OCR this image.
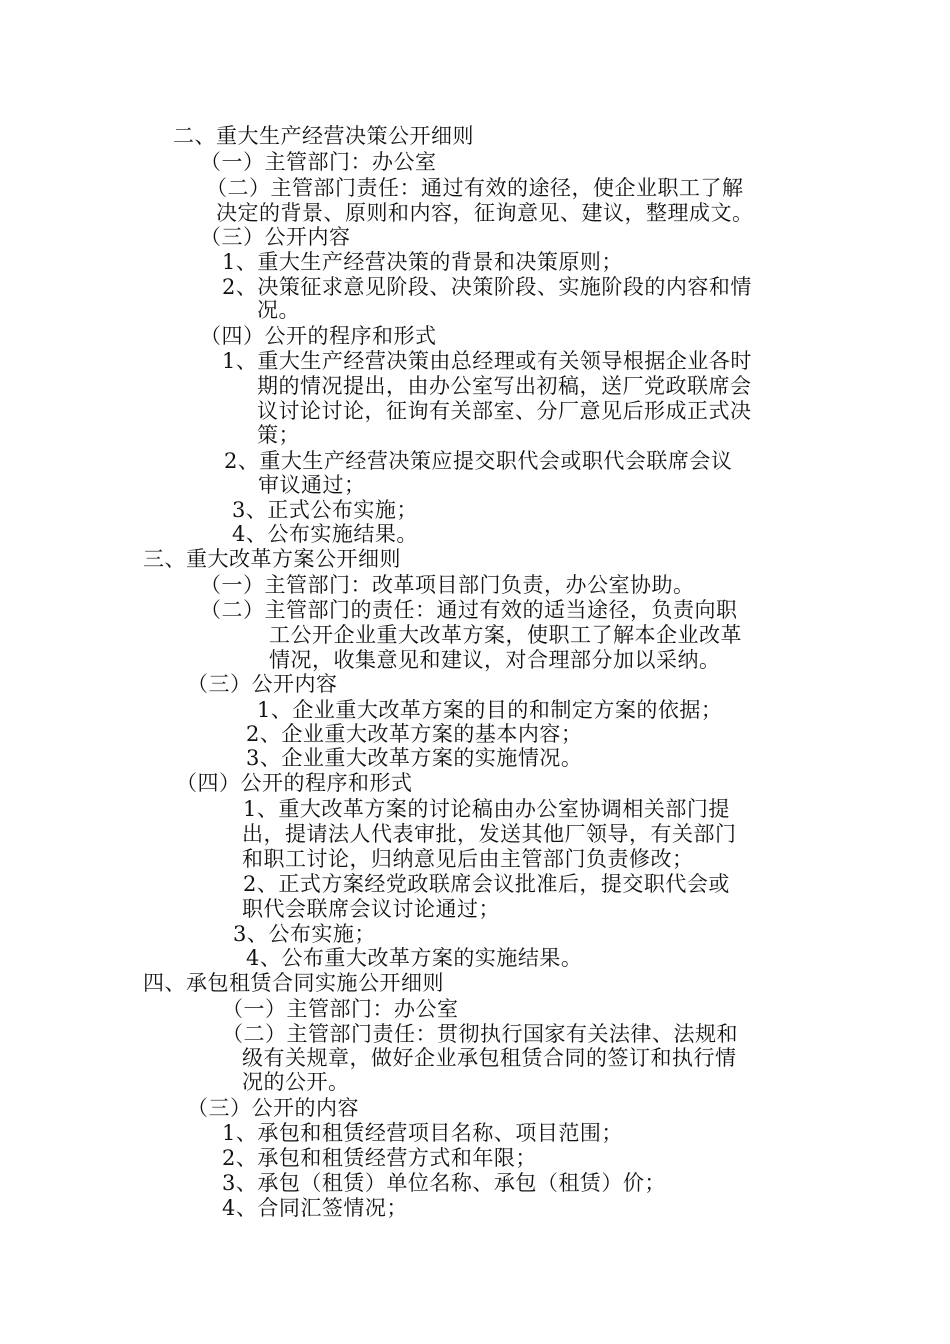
二、重大生产经营决策公开细则
（一）主管部门：办公室
（二）主管部门责任：通过有效的途径，使企业职工了解
决定的背景、原则和内容，征询意见、建议，整理成文。
（三）公开内容
1、重大生产经营决策的背景和决策原则；
2、决策征求意见阶段、决策阶段、实施阶段的内容和情
况。
（四）公开的程序和形式
1、重大生产经营决策由总经理或有关领导根据企业各时
期的情况提出，由办公室写出初稿，送厂党政联席会
议讨论讨论，征询有关部室、分厂意见后形成正式决
策；
2、重大生产经营决策应提交职代会或职代会联席会议
审议通过；
3、正式公布实施；
4、公布实施结果。
三、重大改革方案公开细则
（一）主管部门：改革项目部门负责，办公室协助。
（二）主管部门的责任：通过有效的适当途径，负责向职
工公开企业重大改革方案，使职工了解本企业改革
情况，收集意见和建议，对合理部分加以采纳。
（三）公开内容
1、企业重大改革方案的目的和制定方案的依据；
2、企业重大改革方案的基本内容；
3、企业重大改革方案的实施情况。
（四）公开的程序和形式
1、重大改革方案的讨论稿由办公室协调相关部门提
出，提请法人代表审批，发送其他厂领导，有关部门
和职工讨论，归纳意见后由主管部门负责修改；
2、正式方案经党政联席会议批准后，提交职代会或
职代会联席会议讨论通过；
3、公布实施；
4、公布重大改革方案的实施结果。
四、承包租赁合同实施公开细则
（一）主管部门：办公室
（二）主管部门责任：贯彻执行国家有关法律、法规和
级有关规章，做好企业承包租赁合同的签订和执行情
况的公开。
（三）公开的内容
1、承包和租赁经营项目名称、项目范围；
2、承包和租赁经营方式和年限；
3、承包（租赁）单位名称、承包（租赁）价；
4、合同汇签情况；
